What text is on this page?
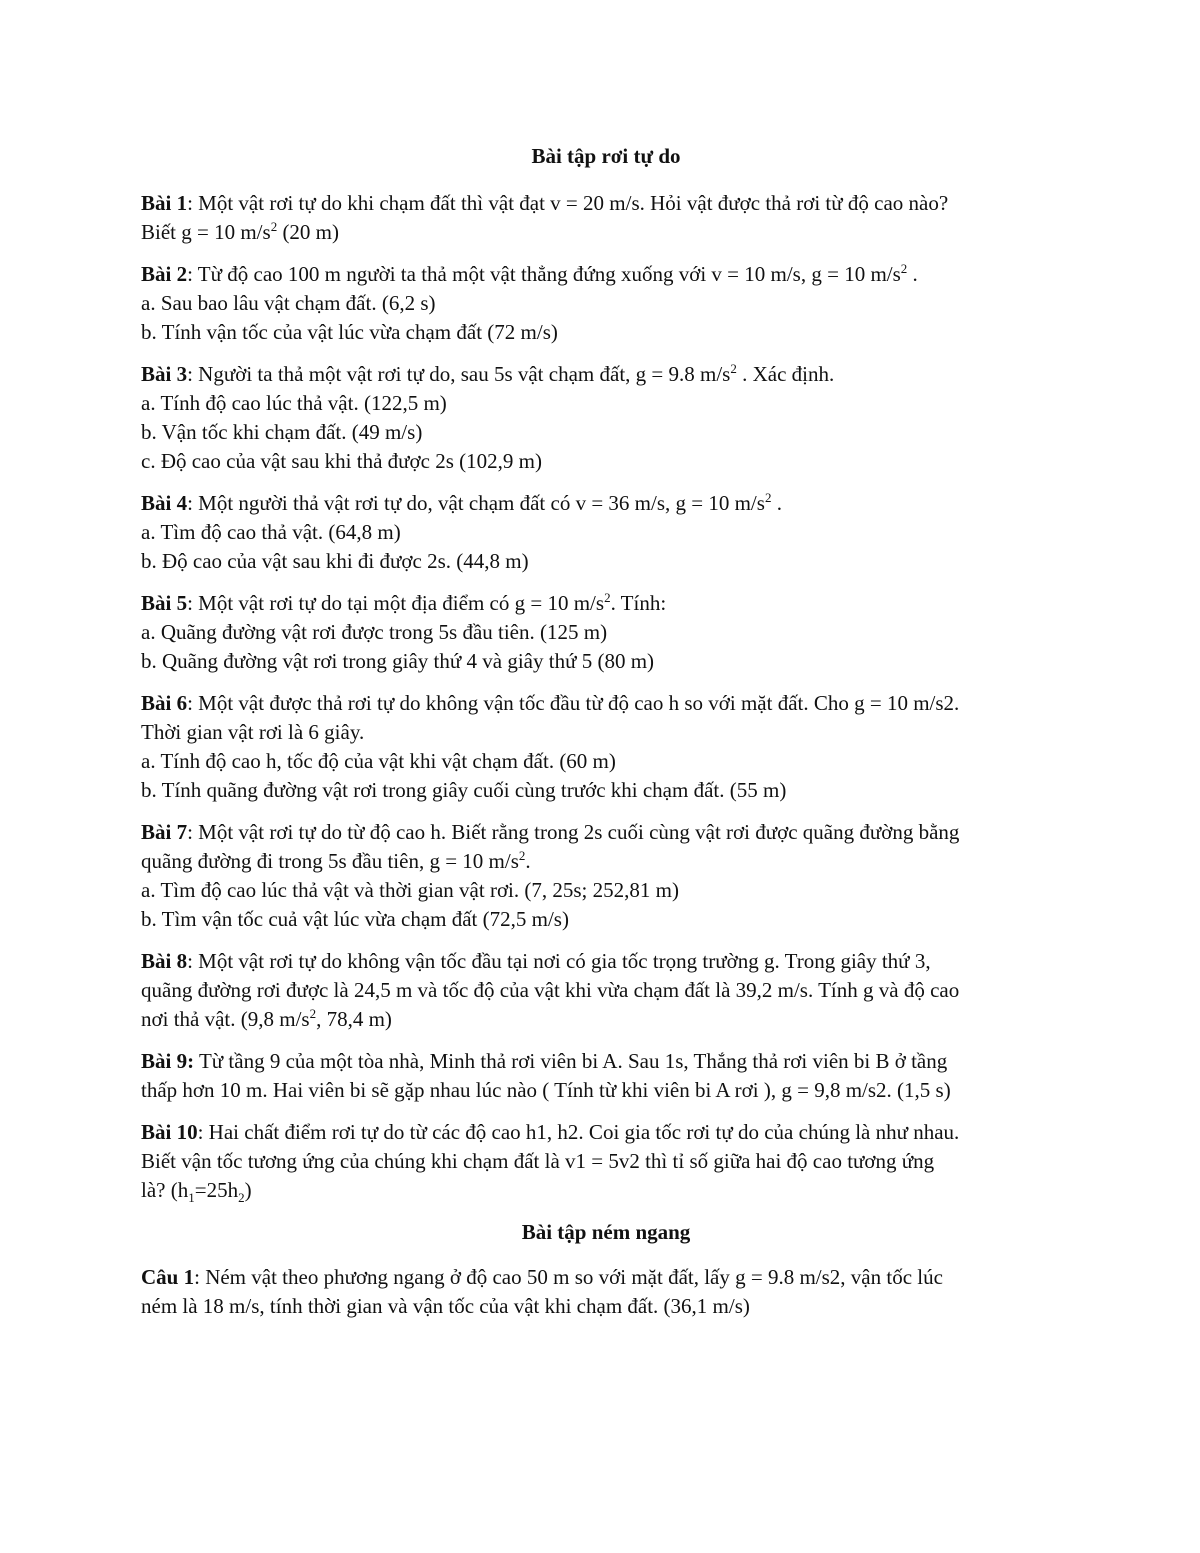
Bài tập rơi tự do

Bài 1: Một vật rơi tự do khi chạm đất thì vật đạt v = 20 m/s. Hỏi vật được thả rơi từ độ cao nào?

Biết g = 10 $m/s^2$ (20 m)

Bài 2: Từ độ cao 100 m người ta thả một vật thẳng đứng xuống với v = 10 m/s, g = 10 $m/s^2$ .

a. Sau bao lâu vật chạm đất. (6,2 s)

b. Tính vận tốc của vật lúc vừa chạm đất (72 m/s)

Bài 3: Người ta thả một vật rơi tự do, sau 5s vật chạm đất, g = 9.8 $m/s^2$ . Xác định.

a. Tính độ cao lúc thả vật. (122,5 m)

b. Vận tốc khi chạm đất. (49 m/s)

c. Độ cao của vật sau khi thả được 2s (102,9 m)

Bài 4: Một người thả vật rơi tự do, vật chạm đất có v = 36 m/s, g = 10 $m/s^2$ .

a. Tìm độ cao thả vật. (64,8 m)

b. Độ cao của vật sau khi đi được 2s. (44,8 m)

Bài 5: Một vật rơi tự do tại một địa điểm có g = 10 $m/s^2$. Tính:

a. Quãng đường vật rơi được trong 5s đầu tiên. (125 m)

b. Quãng đường vật rơi trong giây thứ 4 và giây thứ 5 (80 m)

Bài 6: Một vật được thả rơi tự do không vận tốc đầu từ độ cao h so với mặt đất. Cho g = 10 m/s2.

Thời gian vật rơi là 6 giây.

a. Tính độ cao h, tốc độ của vật khi vật chạm đất. (60 m)

b. Tính quãng đường vật rơi trong giây cuối cùng trước khi chạm đất. (55 m)

Bài 7: Một vật rơi tự do từ độ cao h. Biết rằng trong 2s cuối cùng vật rơi được quãng đường bằng

quãng đường đi trong 5s đầu tiên, g = 10 $m/s^2$.

a. Tìm độ cao lúc thả vật và thời gian vật rơi. (7, 25s; 252,81 m)

b. Tìm vận tốc cuả vật lúc vừa chạm đất (72,5 m/s)

Bài 8: Một vật rơi tự do không vận tốc đầu tại nơi có gia tốc trọng trường g. Trong giây thứ 3,

quãng đường rơi được là 24,5 m và tốc độ của vật khi vừa chạm đất là 39,2 m/s. Tính g và độ cao

nơi thả vật. (9,8 $m/s^2$, 78,4 m)

Bài 9: Từ tầng 9 của một tòa nhà, Minh thả rơi viên bi A. Sau 1s, Thắng thả rơi viên bi B ở tầng

thấp hơn 10 m. Hai viên bi sẽ gặp nhau lúc nào ( Tính từ khi viên bi A rơi ), g = 9,8 m/s2. (1,5 s)

Bài 10: Hai chất điểm rơi tự do từ các độ cao h1, h2. Coi gia tốc rơi tự do của chúng là như nhau.

Biết vận tốc tương ứng của chúng khi chạm đất là v1 = 5v2 thì tỉ số giữa hai độ cao tương ứng

là? $(h_1=25h_2)$

Bài tập ném ngang

Câu 1: Ném vật theo phương ngang ở độ cao 50 m so với mặt đất, lấy g = 9.8 m/s2, vận tốc lúc

ném là 18 m/s, tính thời gian và vận tốc của vật khi chạm đất. (36,1 m/s)
